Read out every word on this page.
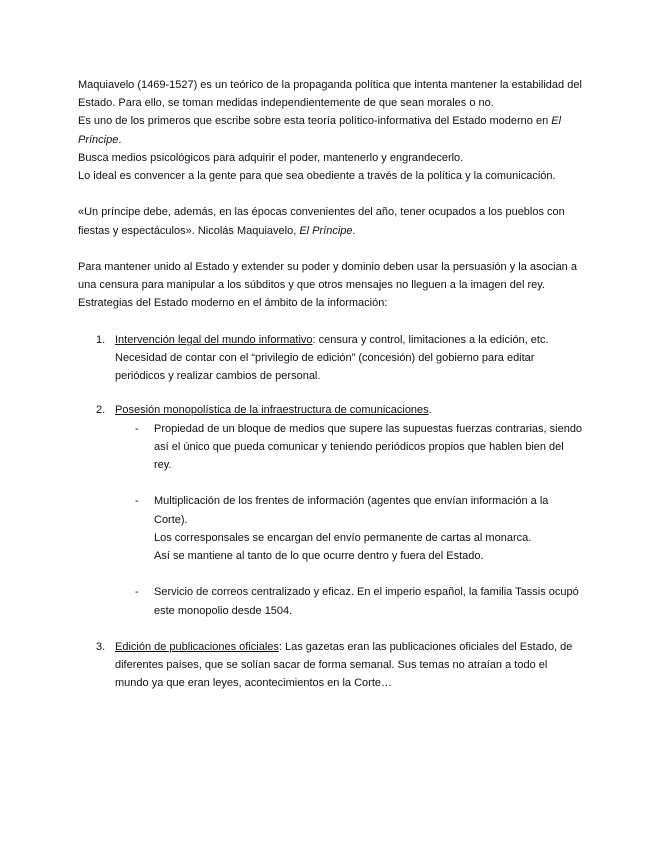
Maquiavelo (1469-1527) es un teórico de la propaganda política que intenta mantener la estabilidad del Estado. Para ello, se toman medidas independientemente de que sean morales o no.

Es uno de los primeros que escribe sobre esta teoría político-informativa del Estado moderno en El Príncipe.

Busca medios psicológicos para adquirir el poder, mantenerlo y engrandecerlo.

Lo ideal es convencer a la gente para que sea obediente a través de la política y la comunicación.

«Un príncipe debe, además, en las épocas convenientes del año, tener ocupados a los pueblos con fiestas y espectáculos». Nicolás Maquiavelo, El Príncipe.

Para mantener unido al Estado y extender su poder y dominio deben usar la persuasión y la asocian a una censura para manipular a los súbditos y que otros mensajes no lleguen a la imagen del rey.

Estrategias del Estado moderno en el ámbito de la información:

1. Intervención legal del mundo informativo: censura y control, limitaciones a la edición, etc.

Necesidad de contar con el “privilegio de edición” (concesión) del gobierno para editar periódicos y realizar cambios de personal.

2. Posesión monopolística de la infraestructura de comunicaciones.

- Propiedad de un bloque de medios que supere las supuestas fuerzas contrarias, siendo así el único que pueda comunicar y teniendo periódicos propios que hablen bien del rey.

- Multiplicación de los frentes de información (agentes que envían información a la Corte).

Los corresponsales se encargan del envío permanente de cartas al monarca.

Así se mantiene al tanto de lo que ocurre dentro y fuera del Estado.

- Servicio de correos centralizado y eficaz. En el imperio español, la familia Tassis ocupó este monopolio desde 1504.

3. Edición de publicaciones oficiales: Las gazetas eran las publicaciones oficiales del Estado, de diferentes países, que se solían sacar de forma semanal. Sus temas no atraían a todo el mundo ya que eran leyes, acontecimientos en la Corte…
